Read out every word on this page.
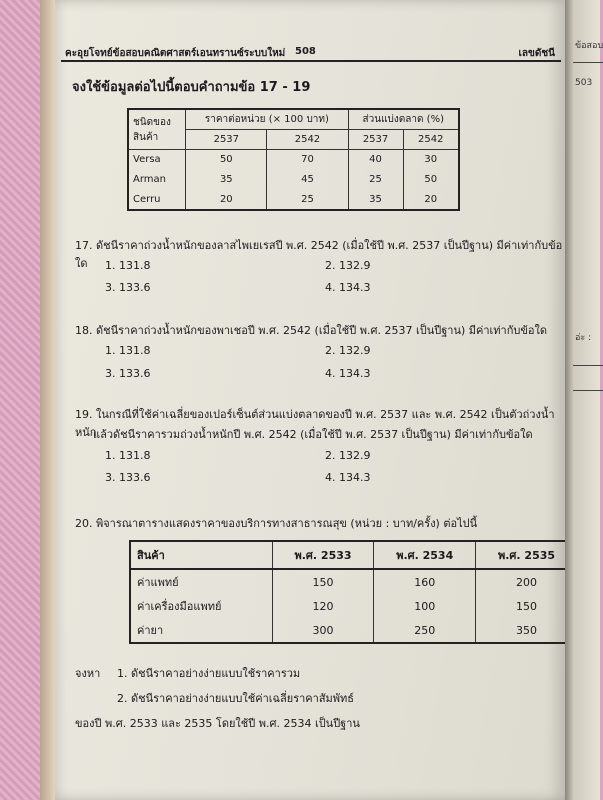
คะอุยโจทย์ข้อสอบคณิตศาสตร์เอนทรานซ์ระบบใหม่ 508	เลขดัชนี
จงใช้ข้อมูลต่อไปนี้ตอบคำถามข้อ 17 - 19
ชนิดของ
สินค้า	ราคาต่อหน่วย (× 100 บาท)		ส่วนแบ่งตลาด (%)	
	2537	2542	2537	2542
Versa	50	70	40	30
Arman	35	45	25	50
Cerru	20	25	35	20
17. ดัชนีราคาถ่วงน้ำหนักของลาสไพเยเรสปี พ.ศ. 2542 (เมื่อใช้ปี พ.ศ. 2537 เป็นปีฐาน) มีค่าเท่ากับข้อใด	1. 131.8	2. 132.9
3. 133.6	4. 134.3
18. ดัชนีราคาถ่วงน้ำหนักของพาเชอปี พ.ศ. 2542 (เมื่อใช้ปี พ.ศ. 2537 เป็นปีฐาน) มีค่าเท่ากับข้อใด
1. 131.8	2. 132.9
3. 133.6	4. 134.3
19. ในกรณีที่ใช้ค่าเฉลี่ยของเปอร์เซ็นต์ส่วนแบ่งตลาดของปี พ.ศ. 2537 และ พ.ศ. 2542 เป็นตัวถ่วงน้ำหนัก
แล้วดัชนีราคารวมถ่วงน้ำหนักปี พ.ศ. 2542 (เมื่อใช้ปี พ.ศ. 2537 เป็นปีฐาน) มีค่าเท่ากับข้อใด
1. 131.8	2. 132.9
3. 133.6	4. 134.3
20. พิจารณาตารางแสดงราคาของบริการทางสาธารณสุข (หน่วย : บาท/ครั้ง) ต่อไปนี้
สินค้า	พ.ศ. 2533	พ.ศ. 2534	พ.ศ. 2535
ค่าแพทย์	150	160	200
ค่าเครื่องมือแพทย์	120	100	150
ค่ายา	300	250	350
จงหา 1. ดัชนีราคาอย่างง่ายแบบใช้ราคารวม
2. ดัชนีราคาอย่างง่ายแบบใช้ค่าเฉลี่ยราคาสัมพัทธ์
ของปี พ.ศ. 2533 และ 2535 โดยใช้ปี พ.ศ. 2534 เป็นปีฐาน
ข้อสอบ
503
อ่ะ :
